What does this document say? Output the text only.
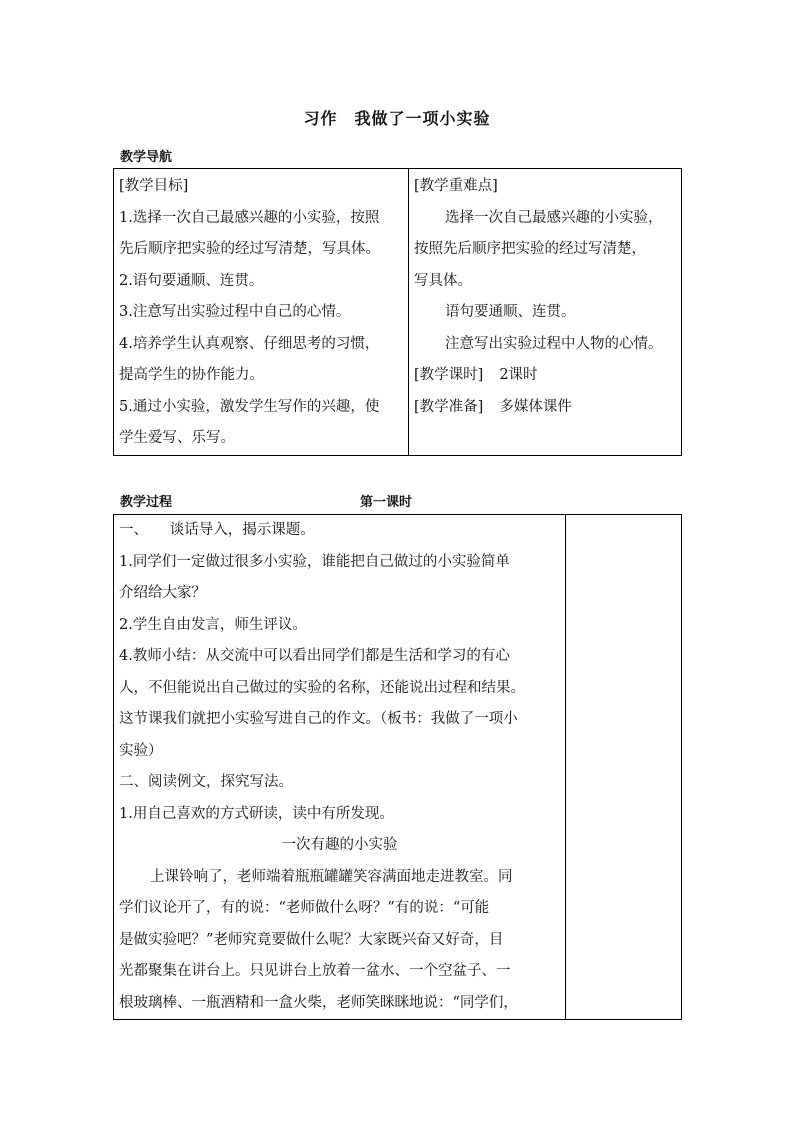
习作　我做了一项小实验
教学导航
[教学目标]
1.选择一次自己最感兴趣的小实验，按照
先后顺序把实验的经过写清楚，写具体。
2.语句要通顺、连贯。
3.注意写出实验过程中自己的心情。
4.培养学生认真观察、仔细思考的习惯，
提高学生的协作能力。
5.通过小实验，激发学生写作的兴趣，使
学生爱写、乐写。

[教学重难点]
选择一次自己最感兴趣的小实验，
按照先后顺序把实验的经过写清楚，
写具体。
语句要通顺、连贯。
注意写出实验过程中人物的心情。
[教学课时] 2课时
[教学准备] 多媒体课件
教学过程	第一课时
一、　　谈话导入，揭示课题。
1.同学们一定做过很多小实验，谁能把自己做过的小实验简单
介绍给大家？
2.学生自由发言，师生评议。
4.教师小结：从交流中可以看出同学们都是生活和学习的有心
人，不但能说出自己做过的实验的名称，还能说出过程和结果。
这节课我们就把小实验写进自己的作文。（板书：我做了一项小
实验）
二、阅读例文，探究写法。
1.用自己喜欢的方式研读，读中有所发现。
一次有趣的小实验
上课铃响了，老师端着瓶瓶罐罐笑容满面地走进教室。同
学们议论开了，有的说：“老师做什么呀？”有的说：“可能
是做实验吧？”老师究竟要做什么呢？大家既兴奋又好奇，目
光都聚集在讲台上。只见讲台上放着一盆水、一个空盆子、一
根玻璃棒、一瓶酒精和一盒火柴，老师笑眯眯地说：“同学们，
